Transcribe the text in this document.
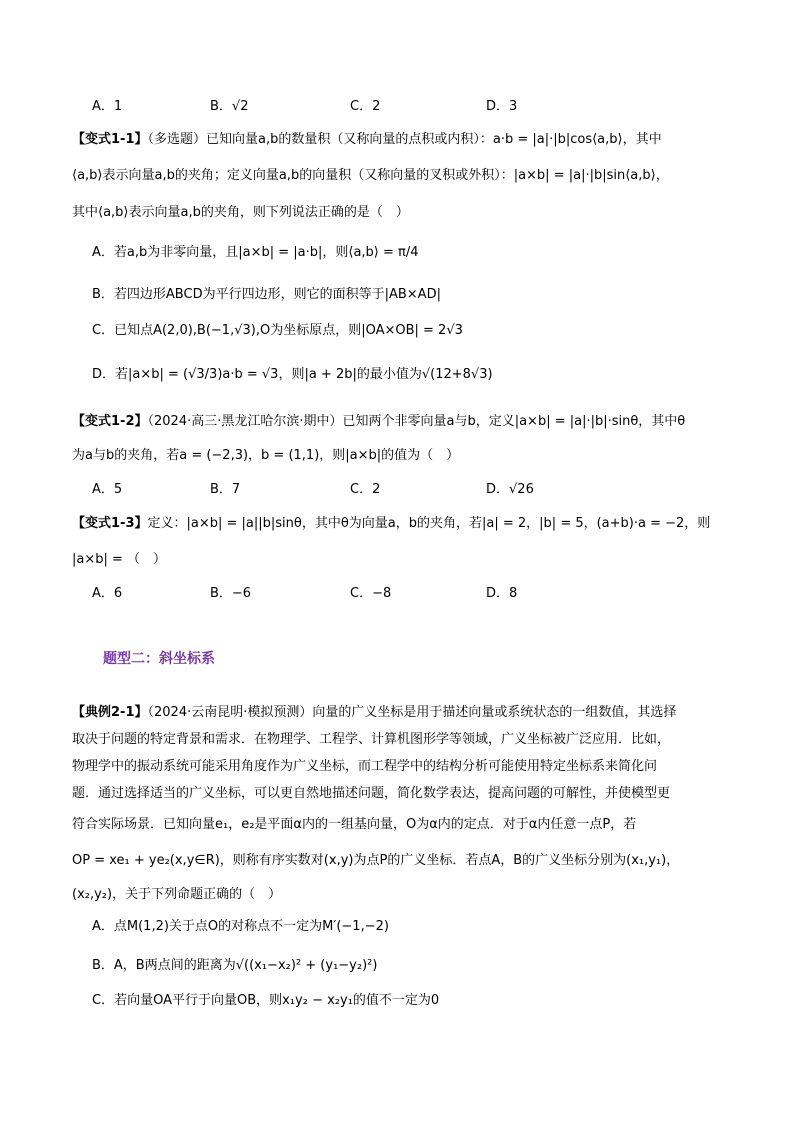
A．1	B．√2	C．2	D．3
【变式1-1】（多选题）已知向量a,b的数量积（又称向量的点积或内积）：a·b = |a|·|b|cos⟨a,b⟩，其中
⟨a,b⟩表示向量a,b的夹角；定义向量a,b的向量积（又称向量的叉积或外积）：|a×b| = |a|·|b|sin⟨a,b⟩，
其中⟨a,b⟩表示向量a,b的夹角，则下列说法正确的是（　）
A．若a,b为非零向量，且|a×b| = |a·b|，则⟨a,b⟩ = π/4
B．若四边形ABCD为平行四边形，则它的面积等于|AB×AD|
C．已知点A(2,0),B(−1,√3),O为坐标原点，则|OA×OB| = 2√3
D．若|a×b| = (√3/3)a·b = √3，则|a + 2b|的最小值为√(12+8√3)
【变式1-2】（2024·高三·黑龙江哈尔滨·期中）已知两个非零向量a与b，定义|a×b| = |a|·|b|·sinθ，其中θ
为a与b的夹角，若a = (−2,3)，b = (1,1)，则|a×b|的值为（　）
A．5	B．7	C．2	D．√26
【变式1-3】定义：|a×b| = |a||b|sinθ，其中θ为向量a，b的夹角，若|a| = 2，|b| = 5，(a+b)·a = −2，则
|a×b| = （　）
A．6	B．−6	C．−8	D．8
题型二：斜坐标系
【典例2-1】（2024·云南昆明·模拟预测）向量的广义坐标是用于描述向量或系统状态的一组数值，其选择
取决于问题的特定背景和需求．在物理学、工程学、计算机图形学等领域，广义坐标被广泛应用．比如，
物理学中的振动系统可能采用角度作为广义坐标，而工程学中的结构分析可能使用特定坐标系来简化问
题．通过选择适当的广义坐标，可以更自然地描述问题，简化数学表达，提高问题的可解性，并使模型更
符合实际场景．已知向量e₁，e₂是平面α内的一组基向量，O为α内的定点．对于α内任意一点P，若
OP = xe₁ + ye₂(x,y∈R)，则称有序实数对(x,y)为点P的广义坐标．若点A，B的广义坐标分别为(x₁,y₁)，
(x₂,y₂)，关于下列命题正确的（　）
A．点M(1,2)关于点O的对称点不一定为M′(−1,−2)
B．A，B两点间的距离为√((x₁−x₂)² + (y₁−y₂)²)
C．若向量OA平行于向量OB，则x₁y₂ − x₂y₁的值不一定为0
